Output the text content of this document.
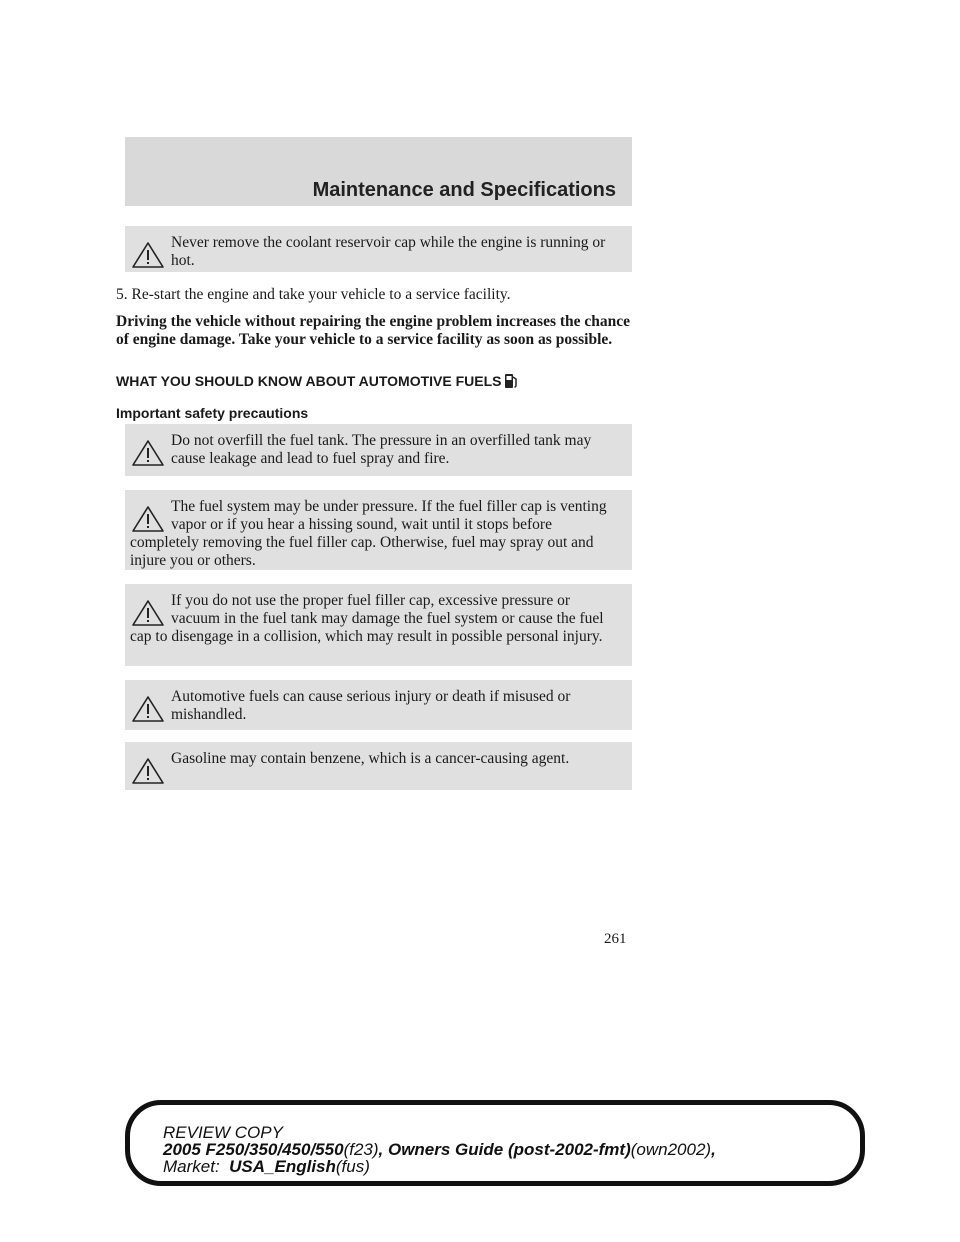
Maintenance and Specifications
Never remove the coolant reservoir cap while the engine is running or hot.
5. Re-start the engine and take your vehicle to a service facility.
Driving the vehicle without repairing the engine problem increases the chance of engine damage. Take your vehicle to a service facility as soon as possible.
WHAT YOU SHOULD KNOW ABOUT AUTOMOTIVE FUELS
Important safety precautions
Do not overfill the fuel tank. The pressure in an overfilled tank may cause leakage and lead to fuel spray and fire.
The fuel system may be under pressure. If the fuel filler cap is venting vapor or if you hear a hissing sound, wait until it stops before completely removing the fuel filler cap. Otherwise, fuel may spray out and injure you or others.
If you do not use the proper fuel filler cap, excessive pressure or vacuum in the fuel tank may damage the fuel system or cause the fuel cap to disengage in a collision, which may result in possible personal injury.
Automotive fuels can cause serious injury or death if misused or mishandled.
Gasoline may contain benzene, which is a cancer-causing agent.
261
REVIEW COPY
2005 F250/350/450/550(f23), Owners Guide (post-2002-fmt)(own2002),
Market: USA_English(fus)
